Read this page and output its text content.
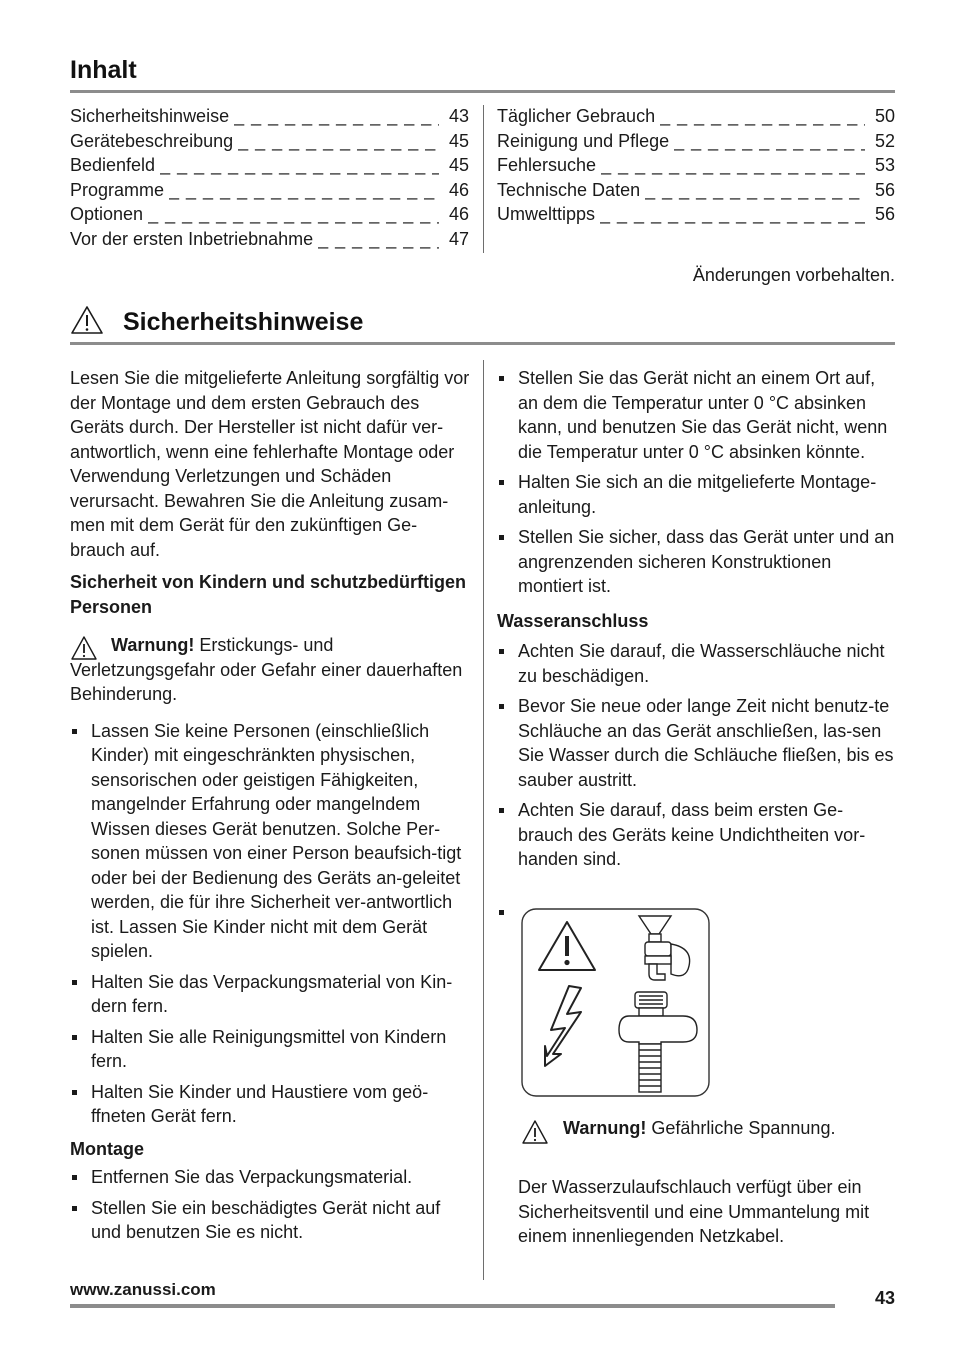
Inhalt
Sicherheitshinweise _ _ _	43
Gerätebeschreibung _ _ _	45
Bedienfeld _ _ _	45
Programme _ _ _	46
Optionen _ _ _	46
Vor der ersten Inbetriebnahme _ _ _	47
Täglicher Gebrauch _ _ _	50
Reinigung und Pflege _ _ _	52
Fehlersuche _ _ _	53
Technische Daten _ _ _	56
Umwelttipps _ _ _	56
Änderungen vorbehalten.
Sicherheitshinweise

Lesen Sie die mitgelieferte Anleitung sorgfältig vor der Montage und dem ersten Gebrauch des Geräts durch. Der Hersteller ist nicht dafür ver-antwortlich, wenn eine fehlerhafte Montage oder Verwendung Verletzungen und Schäden verursacht. Bewahren Sie die Anleitung zusam-men mit dem Gerät für den zukünftigen Ge-brauch auf.

Sicherheit von Kindern und schutzbedürftigen Personen

Warnung! Erstickungs- und Verletzungsgefahr oder Gefahr einer dauerhaften Behinderung.

Lassen Sie keine Personen (einschließlich Kinder) mit eingeschränkten physischen, sensorischen oder geistigen Fähigkeiten, mangelnder Erfahrung oder mangelndem Wissen dieses Gerät benutzen. Solche Per-sonen müssen von einer Person beaufsich-tigt oder bei der Bedienung des Geräts an-geleitet werden, die für ihre Sicherheit ver-antwortlich ist. Lassen Sie Kinder nicht mit dem Gerät spielen.
Halten Sie das Verpackungsmaterial von Kin-dern fern.
Halten Sie alle Reinigungsmittel von Kindern fern.
Halten Sie Kinder und Haustiere vom geö-ffneten Gerät fern.

Montage

Entfernen Sie das Verpackungsmaterial.
Stellen Sie ein beschädigtes Gerät nicht auf und benutzen Sie es nicht.
Stellen Sie das Gerät nicht an einem Ort auf, an dem die Temperatur unter 0 °C absinken kann, und benutzen Sie das Gerät nicht, wenn die Temperatur unter 0 °C absinken könnte.
Halten Sie sich an die mitgelieferte Montage-anleitung.
Stellen Sie sicher, dass das Gerät unter und an angrenzenden sicheren Konstruktionen montiert ist.

Wasseranschluss

Achten Sie darauf, die Wasserschläuche nicht zu beschädigen.
Bevor Sie neue oder lange Zeit nicht benutz-te Schläuche an das Gerät anschließen, las-sen Sie Wasser durch die Schläuche fließen, bis es sauber austritt.
Achten Sie darauf, dass beim ersten Ge-brauch des Geräts keine Undichtheiten vor-handen sind.
Warnung! Gefährliche Spannung.
Der Wasserzulaufschlauch verfügt über ein Sicherheitsventil und eine Ummantelung mit einem innenliegenden Netzkabel.
www.zanussi.com	43
